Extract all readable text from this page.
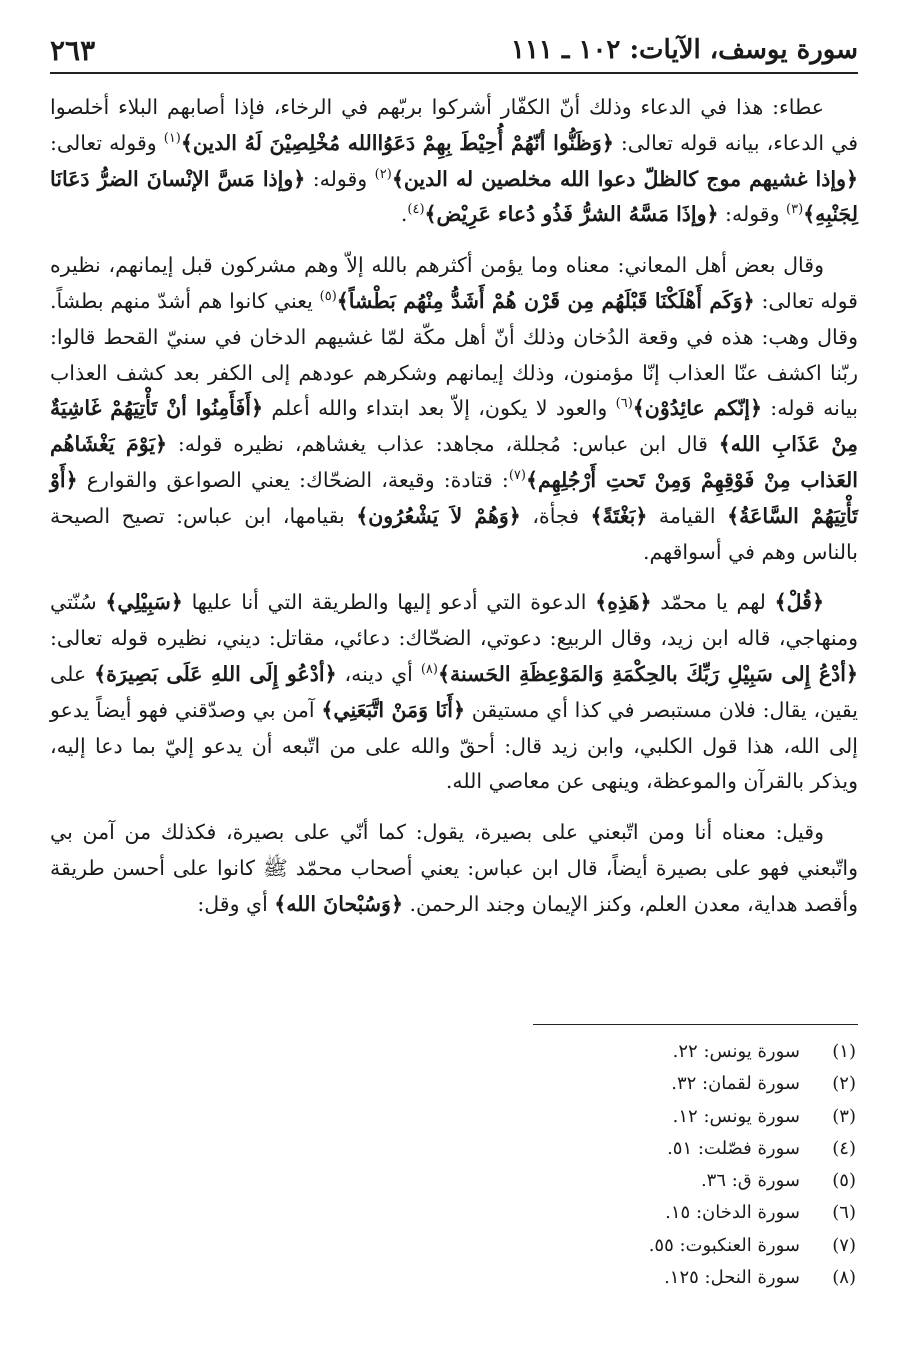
سورة يوسف، الآيات: ١٠٢ ـ ١١١
٢٦٣

عطاء: هذا في الدعاء وذلك أنّ الكفّار أشركوا بربّهم في الرخاء، فإذا أصابهم البلاء أخلصوا في الدعاء، بيانه قوله تعالى: ﴿وَظَنُّوا أنّهُمْ أُحِيْطَ بِهِمْ دَعَوُاالله مُخْلِصِيْنَ لَهُ الدين﴾$^{(١)}$ وقوله تعالى: ﴿وإذا غشيهم موج كالظلّ دعوا الله مخلصين له الدين﴾$^{(٢)}$ وقوله: ﴿وإذا مَسَّ الإنْسانَ الضرُّ دَعَانَا لِجَنْبِهِ﴾$^{(٣)}$ وقوله: ﴿وإذَا مَسَّهُ الشرُّ فَذُو دُعاء عَرِيْض﴾$^{(٤)}$.

وقال بعض أهل المعاني: معناه وما يؤمن أكثرهم بالله إلاّ وهم مشركون قبل إيمانهم، نظيره قوله تعالى: ﴿وَكَم أَهْلَكْنَا قَبْلَهُم مِن قَرْن هُمْ أَشَدُّ مِنْهُم بَطْشاً﴾$^{(٥)}$ يعني كانوا هم أشدّ منهم بطشاً. وقال وهب: هذه في وقعة الدُخان وذلك أنّ أهل مكّة لمّا غشيهم الدخان في سنيّ القحط قالوا: ربّنا اكشف عنّا العذاب إنّا مؤمنون، وذلك إيمانهم وشكرهم عودهم إلى الكفر بعد كشف العذاب بيانه قوله: ﴿إنّكم عائِدُوْن﴾$^{(٦)}$ والعود لا يكون، إلاّ بعد ابتداء والله أعلم ﴿أَفَأَمِنُوا أنْ تَأْتِيَهُمْ غَاشِيَةٌ مِنْ عَذَابِ الله﴾ قال ابن عباس: مُجللة، مجاهد: عذاب يغشاهم، نظيره قوله: ﴿يَوْمَ يَغْشَاهُم العَذاب مِنْ فَوْقِهِمْ وَمِنْ تَحتِ أَرْجُلِهِم﴾$^{(٧)}$: قتادة: وقيعة، الضحّاك: يعني الصواعق والقوارع ﴿أَوْ تَأْتِيَهُمْ السَّاعَةُ﴾ القيامة ﴿بَغْتَةً﴾ فجأة، ﴿وَهُمْ لاَ يَشْعُرُون﴾ بقيامها، ابن عباس: تصيح الصيحة بالناس وهم في أسواقهم.

﴿قُلْ﴾ لهم يا محمّد ﴿هَذِهِ﴾ الدعوة التي أدعو إليها والطريقة التي أنا عليها ﴿سَبِيْلِي﴾ سُنّتي ومنهاجي، قاله ابن زيد، وقال الربيع: دعوتي، الضحّاك: دعائي، مقاتل: ديني، نظيره قوله تعالى: ﴿أدْعُ إِلى سَبِيْلِ رَبِّكَ بالحِكْمَةِ وَالمَوْعِظَةِ الحَسنة﴾$^{(٨)}$ أي دينه، ﴿أدْعُو إِلَى اللهِ عَلَى بَصِيرَة﴾ على يقين، يقال: فلان مستبصر في كذا أي مستيقن ﴿أَنَا وَمَنْ اتَّبَعَنِي﴾ آمن بي وصدّقني فهو أيضاً يدعو إلى الله، هذا قول الكلبي، وابن زيد قال: أحقّ والله على من اتّبعه أن يدعو إليّ بما دعا إليه، ويذكر بالقرآن والموعظة، وينهى عن معاصي الله.

وقيل: معناه أنا ومن اتّبعني على بصيرة، يقول: كما أنّي على بصيرة، فكذلك من آمن بي واتّبعني فهو على بصيرة أيضاً، قال ابن عباس: يعني أصحاب محمّد ﷺ كانوا على أحسن طريقة وأقصد هداية، معدن العلم، وكنز الإيمان وجند الرحمن. ﴿وَسُبْحانَ الله﴾ أي وقل:

(١)
سورة يونس: ٢٢.
(٢)
سورة لقمان: ٣٢.
(٣)
سورة يونس: ١٢.
(٤)
سورة فصّلت: ٥١.
(٥)
سورة ق: ٣٦.
(٦)
سورة الدخان: ١٥.
(٧)
سورة العنكبوت: ٥٥.
(٨)
سورة النحل: ١٢٥.
